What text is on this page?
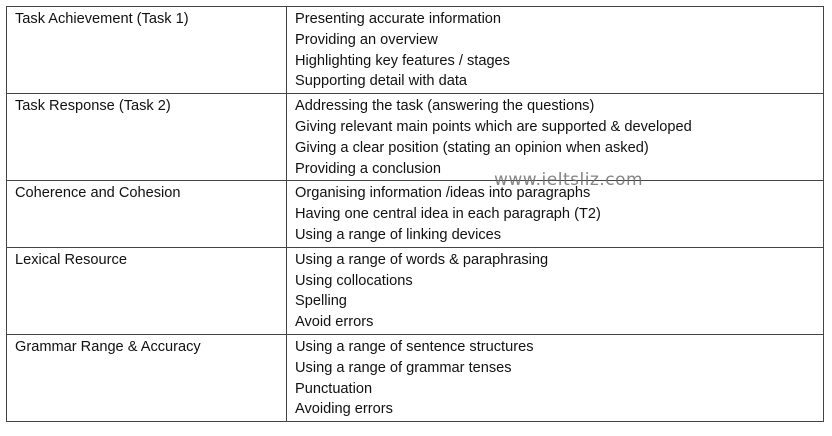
Task Achievement (Task 1)	Presenting accurate information
Providing an overview
Highlighting key features / stages
Supporting detail with data

Task Response (Task 2)	Addressing the task (answering the questions)
Giving relevant main points which are supported & developed
Giving a clear position (stating an opinion when asked)
Providing a conclusion

Coherence and Cohesion	Organising information /ideas into paragraphs
Having one central idea in each paragraph (T2)
Using a range of linking devices

Lexical Resource	Using a range of words & paraphrasing
Using collocations
Spelling
Avoid errors

Grammar Range & Accuracy	Using a range of sentence structures
Using a range of grammar tenses
Punctuation
Avoiding errors
www.ieltsliz.com
